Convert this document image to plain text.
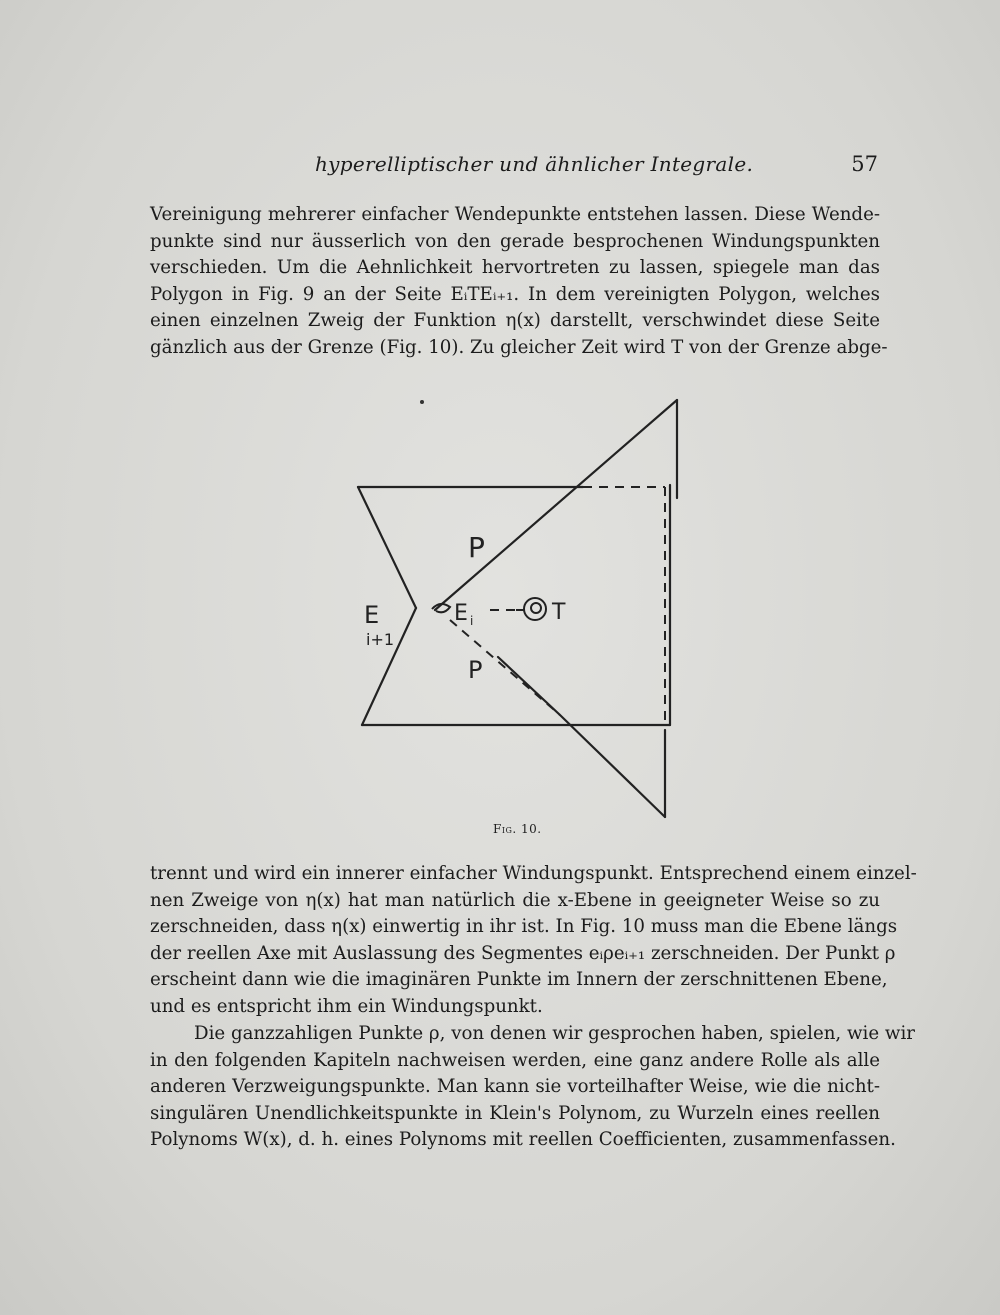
hyperelliptischer und ähnlicher Integrale.	57

Vereinigung mehrerer einfacher Wendepunkte entstehen lassen. Diese Wende-
punkte sind nur äusserlich von den gerade besprochenen Windungspunkten
verschieden. Um die Aehnlichkeit hervortreten zu lassen, spiegele man das
Polygon in Fig. 9 an der Seite EᵢTEᵢ₊₁. In dem vereinigten Polygon, welches
einen einzelnen Zweig der Funktion η(x) darstellt, verschwindet diese Seite
gänzlich aus der Grenze (Fig. 10). Zu gleicher Zeit wird T von der Grenze abge-

P
P
E
i+1
E i	T
Fig. 10.

trennt und wird ein innerer einfacher Windungspunkt. Entsprechend einem einzel-
nen Zweige von η(x) hat man natürlich die x-Ebene in geeigneter Weise so zu
zerschneiden, dass η(x) einwertig in ihr ist. In Fig. 10 muss man die Ebene längs
der reellen Axe mit Auslassung des Segmentes eᵢρeᵢ₊₁ zerschneiden. Der Punkt ρ
erscheint dann wie die imaginären Punkte im Innern der zerschnittenen Ebene,
und es entspricht ihm ein Windungspunkt.

Die ganzzahligen Punkte ρ, von denen wir gesprochen haben, spielen, wie wir
in den folgenden Kapiteln nachweisen werden, eine ganz andere Rolle als alle
anderen Verzweigungspunkte. Man kann sie vorteilhafter Weise, wie die nicht-
singulären Unendlichkeitspunkte in Klein's Polynom, zu Wurzeln eines reellen
Polynoms W(x), d. h. eines Polynoms mit reellen Coefficienten, zusammenfassen.
